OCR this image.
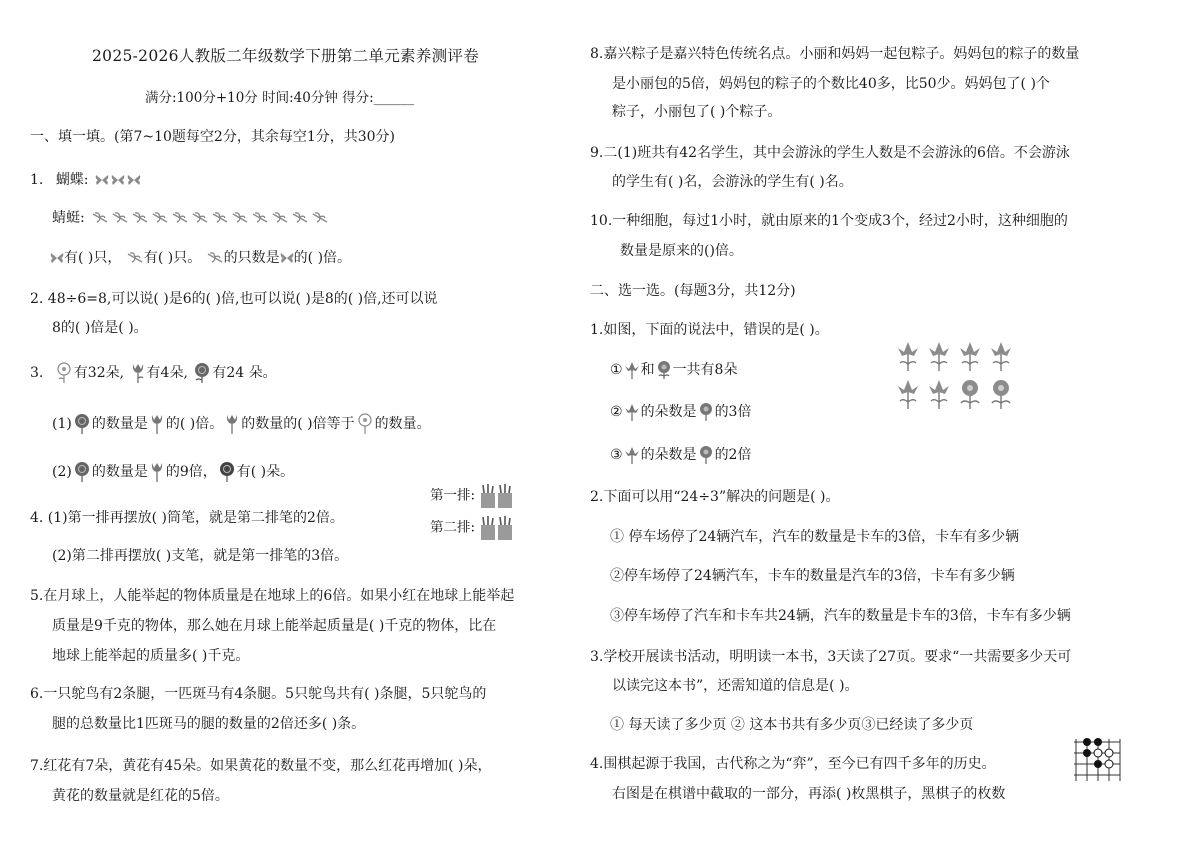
2025-2026人教版二年级数学下册第二单元素养测评卷
满分:100分+10分 时间:40分钟 得分:______
一、填一填。(第7~10题每空2分，其余每空1分，共30分)
1. 蝴蝶:
蜻蜓:
有( )只， 有( )只。 的只数是 的( )倍。
2. 48÷6=8,可以说( )是6的( )倍,也可以说( )是8的( )倍,还可以说
8的( )倍是( )。
3. 有32朵, 有4朵, 有24 朵。
(1) 的数量是 的( )倍。 的数量的( )倍等于 的数量。
(2) 的数量是 的9倍， 有( )朵。
第一排:
第二排:
4. (1)第一排再摆放( )筒笔，就是第二排笔的2倍。
(2)第二排再摆放( )支笔，就是第一排笔的3倍。
5.在月球上，人能举起的物体质量是在地球上的6倍。如果小红在地球上能举起
质量是9千克的物体，那么她在月球上能举起质量是( )千克的物体，比在
地球上能举起的质量多( )千克。
6.一只鸵鸟有2条腿，一匹斑马有4条腿。5只鸵鸟共有( )条腿，5只鸵鸟的
腿的总数量比1匹斑马的腿的数量的2倍还多( )条。
7.红花有7朵，黄花有45朵。如果黄花的数量不变，那么红花再增加( )朵，
黄花的数量就是红花的5倍。
8.嘉兴粽子是嘉兴特色传统名点。小丽和妈妈一起包粽子。妈妈包的粽子的数量
是小丽包的5倍，妈妈包的粽子的个数比40多，比50少。妈妈包了( )个
粽子，小丽包了( )个粽子。
9.二(1)班共有42名学生，其中会游泳的学生人数是不会游泳的6倍。不会游泳
的学生有( )名，会游泳的学生有( )名。
10.一种细胞，每过1小时，就由原来的1个变成3个，经过2小时，这种细胞的
数量是原来的()倍。
二、选一选。(每题3分，共12分)
1.如图，下面的说法中，错误的是( )。
① 和 一共有8朵
② 的朵数是 的3倍
③ 的朵数是 的2倍
2.下面可以用“24÷3”解决的问题是( )。
① 停车场停了24辆汽车，汽车的数量是卡车的3倍，卡车有多少辆
②停车场停了24辆汽车，卡车的数量是汽车的3倍，卡车有多少辆
③停车场停了汽车和卡车共24辆，汽车的数量是卡车的3倍，卡车有多少辆
3.学校开展读书活动，明明读一本书，3天读了27页。要求“一共需要多少天可
以读完这本书”，还需知道的信息是( )。
① 每天读了多少页 ② 这本书共有多少页③已经读了多少页
4.围棋起源于我国，古代称之为“弈”，至今已有四千多年的历史。
右图是在棋谱中截取的一部分，再添( )枚黑棋子，黑棋子的枚数
